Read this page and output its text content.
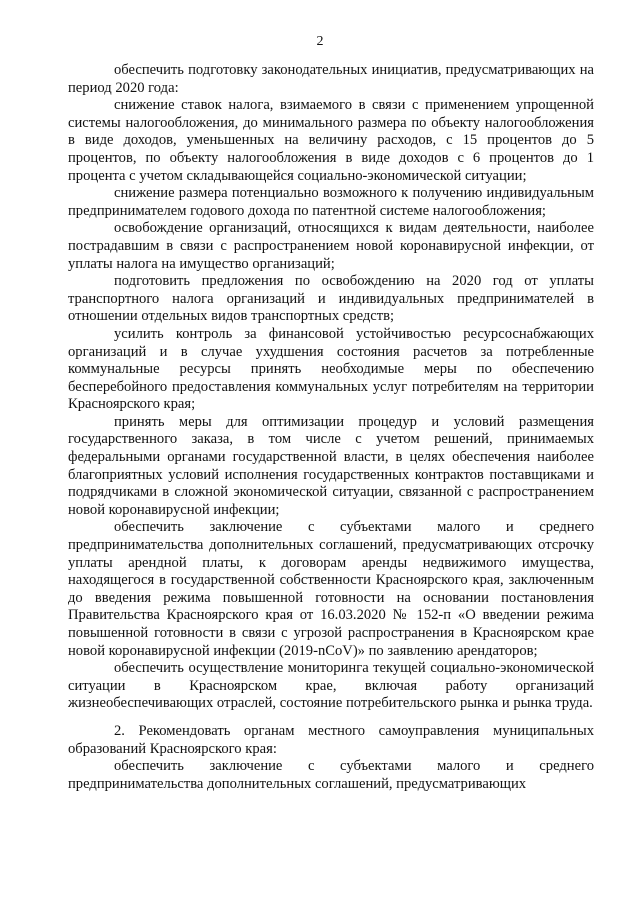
2

обеспечить подготовку законодательных инициатив, предусматривающих на период 2020 года:

снижение ставок налога, взимаемого в связи с применением упрощенной системы налогообложения, до минимального размера по объекту налогообложения в виде доходов, уменьшенных на величину расходов, с 15 процентов до 5 процентов, по объекту налогообложения в виде доходов с 6 процентов до 1 процента с учетом складывающейся социально-экономической ситуации;

снижение размера потенциально возможного к получению индивидуальным предпринимателем годового дохода по патентной системе налогообложения;

освобождение организаций, относящихся к видам деятельности, наиболее пострадавшим в связи с распространением новой коронавирусной инфекции, от уплаты налога на имущество организаций;

подготовить предложения по освобождению на 2020 год от уплаты транспортного налога организаций и индивидуальных предпринимателей в отношении отдельных видов транспортных средств;

усилить контроль за финансовой устойчивостью ресурсоснабжающих организаций и в случае ухудшения состояния расчетов за потребленные коммунальные ресурсы принять необходимые меры по обеспечению бесперебойного предоставления коммунальных услуг потребителям на территории Красноярского края;

принять меры для оптимизации процедур и условий размещения государственного заказа, в том числе с учетом решений, принимаемых федеральными органами государственной власти, в целях обеспечения наиболее благоприятных условий исполнения государственных контрактов поставщиками и подрядчиками в сложной экономической ситуации, связанной с распространением новой коронавирусной инфекции;

обеспечить заключение с субъектами малого и среднего предпринимательства дополнительных соглашений, предусматривающих отсрочку уплаты арендной платы, к договорам аренды недвижимого имущества, находящегося в государственной собственности Красноярского края, заключенным до введения режима повышенной готовности на основании постановления Правительства Красноярского края от 16.03.2020 № 152-п «О введении режима повышенной готовности в связи с угрозой распространения в Красноярском крае новой коронавирусной инфекции (2019-nCoV)» по заявлению арендаторов;

обеспечить осуществление мониторинга текущей социально-экономической ситуации в Красноярском крае, включая работу организаций жизнеобеспечивающих отраслей, состояние потребительского рынка и рынка труда.

2. Рекомендовать органам местного самоуправления муниципальных образований Красноярского края:

обеспечить заключение с субъектами малого и среднего предпринимательства дополнительных соглашений, предусматривающих
